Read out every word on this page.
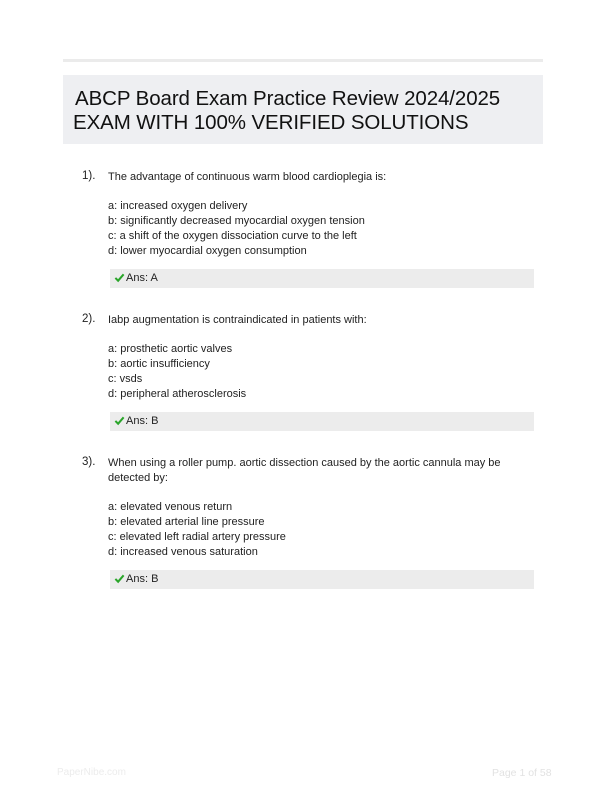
ABCP Board Exam Practice Review 2024/2025
EXAM WITH 100% VERIFIED SOLUTIONS
1). The advantage of continuous warm blood cardioplegia is:
a: increased oxygen delivery
b: significantly decreased myocardial oxygen tension
c: a shift of the oxygen dissociation curve to the left
d: lower myocardial oxygen consumption
Ans: A
2). Iabp augmentation is contraindicated in patients with:
a: prosthetic aortic valves
b: aortic insufficiency
c: vsds
d: peripheral atherosclerosis
Ans: B
3). When using a roller pump. aortic dissection caused by the aortic cannula may be detected by:
a: elevated venous return
b: elevated arterial line pressure
c: elevated left radial artery pressure
d: increased venous saturation
Ans: B
PaperNibe.com	Page 1 of 58
